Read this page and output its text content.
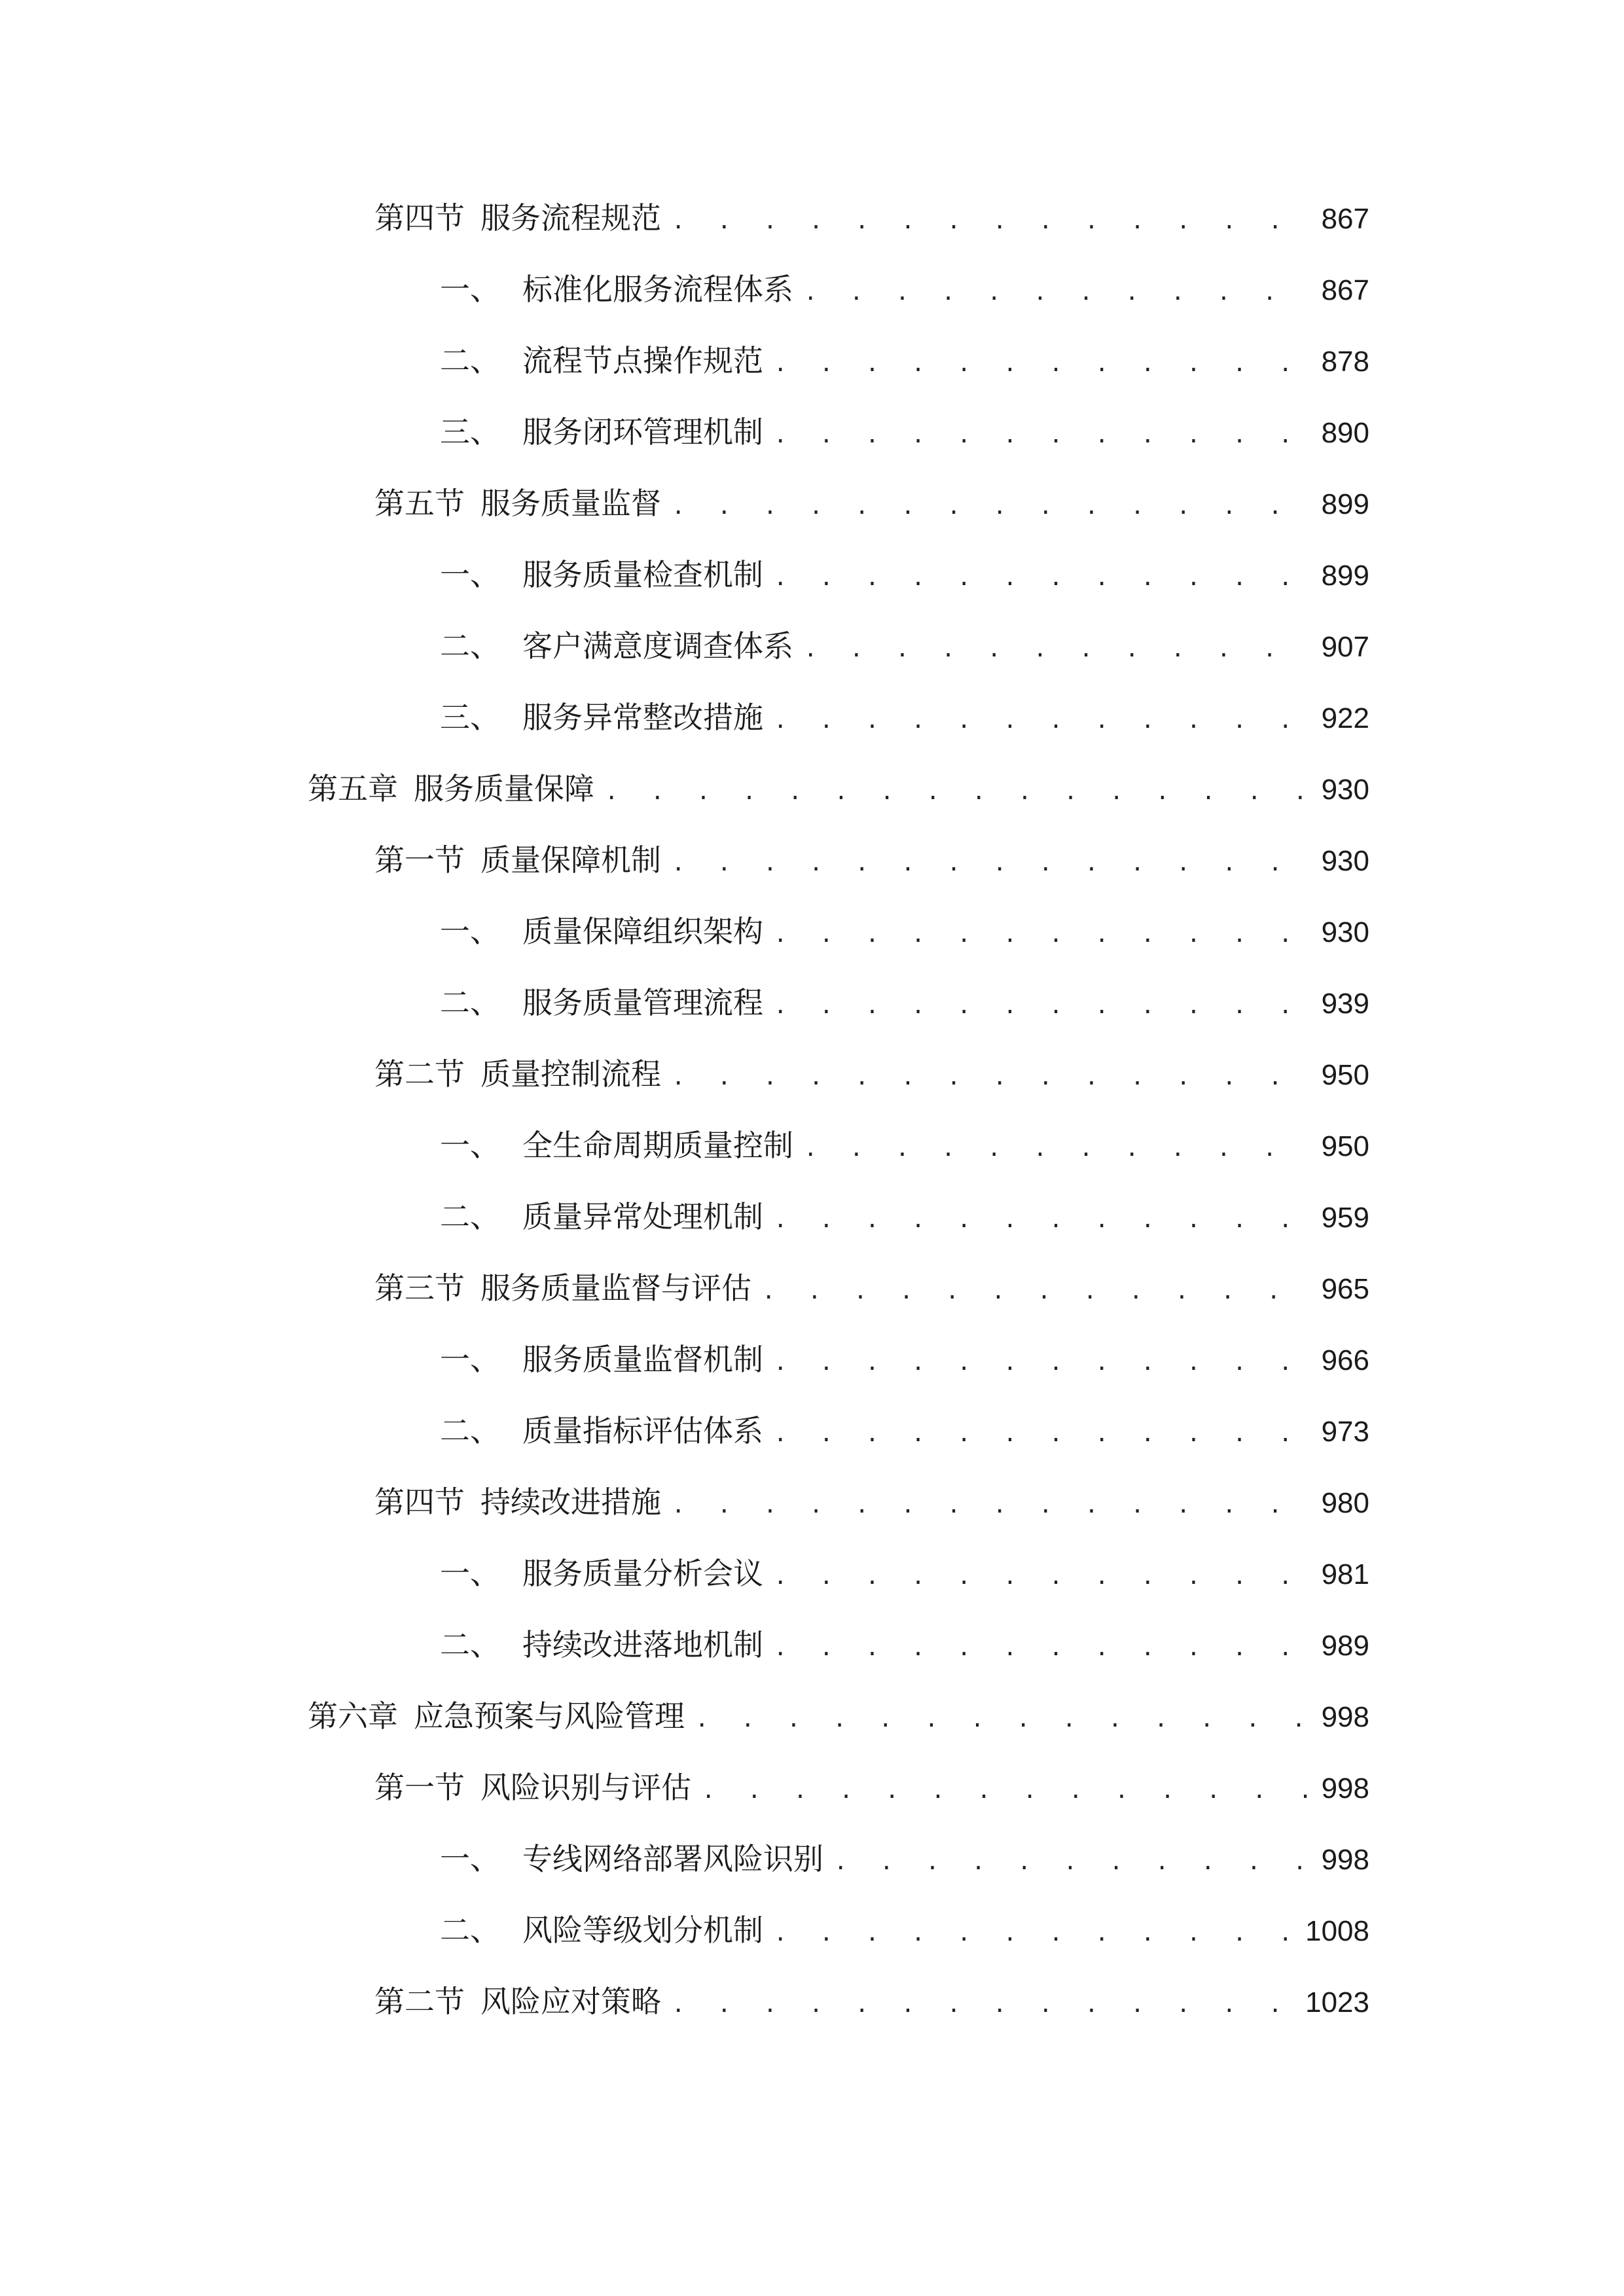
第四节 服务流程规范 . . .	867
一、 标准化服务流程体系 . . .	867
二、 流程节点操作规范 . . .	878
三、 服务闭环管理机制 . . .	890
第五节 服务质量监督 . . .	899
一、 服务质量检查机制 . . .	899
二、 客户满意度调查体系 . . .	907
三、 服务异常整改措施 . . .	922
第五章 服务质量保障 . . .	930
第一节 质量保障机制 . . .	930
一、 质量保障组织架构 . . .	930
二、 服务质量管理流程 . . .	939
第二节 质量控制流程 . . .	950
一、 全生命周期质量控制 . . .	950
二、 质量异常处理机制 . . .	959
第三节 服务质量监督与评估 . . .	965
一、 服务质量监督机制 . . .	966
二、 质量指标评估体系 . . .	973
第四节 持续改进措施 . . .	980
一、 服务质量分析会议 . . .	981
二、 持续改进落地机制 . . .	989
第六章 应急预案与风险管理 . . .	998
第一节 风险识别与评估 . . .	998
一、 专线网络部署风险识别 . . .	998
二、 风险等级划分机制 . . .	1008
第二节 风险应对策略 . . .	1023
